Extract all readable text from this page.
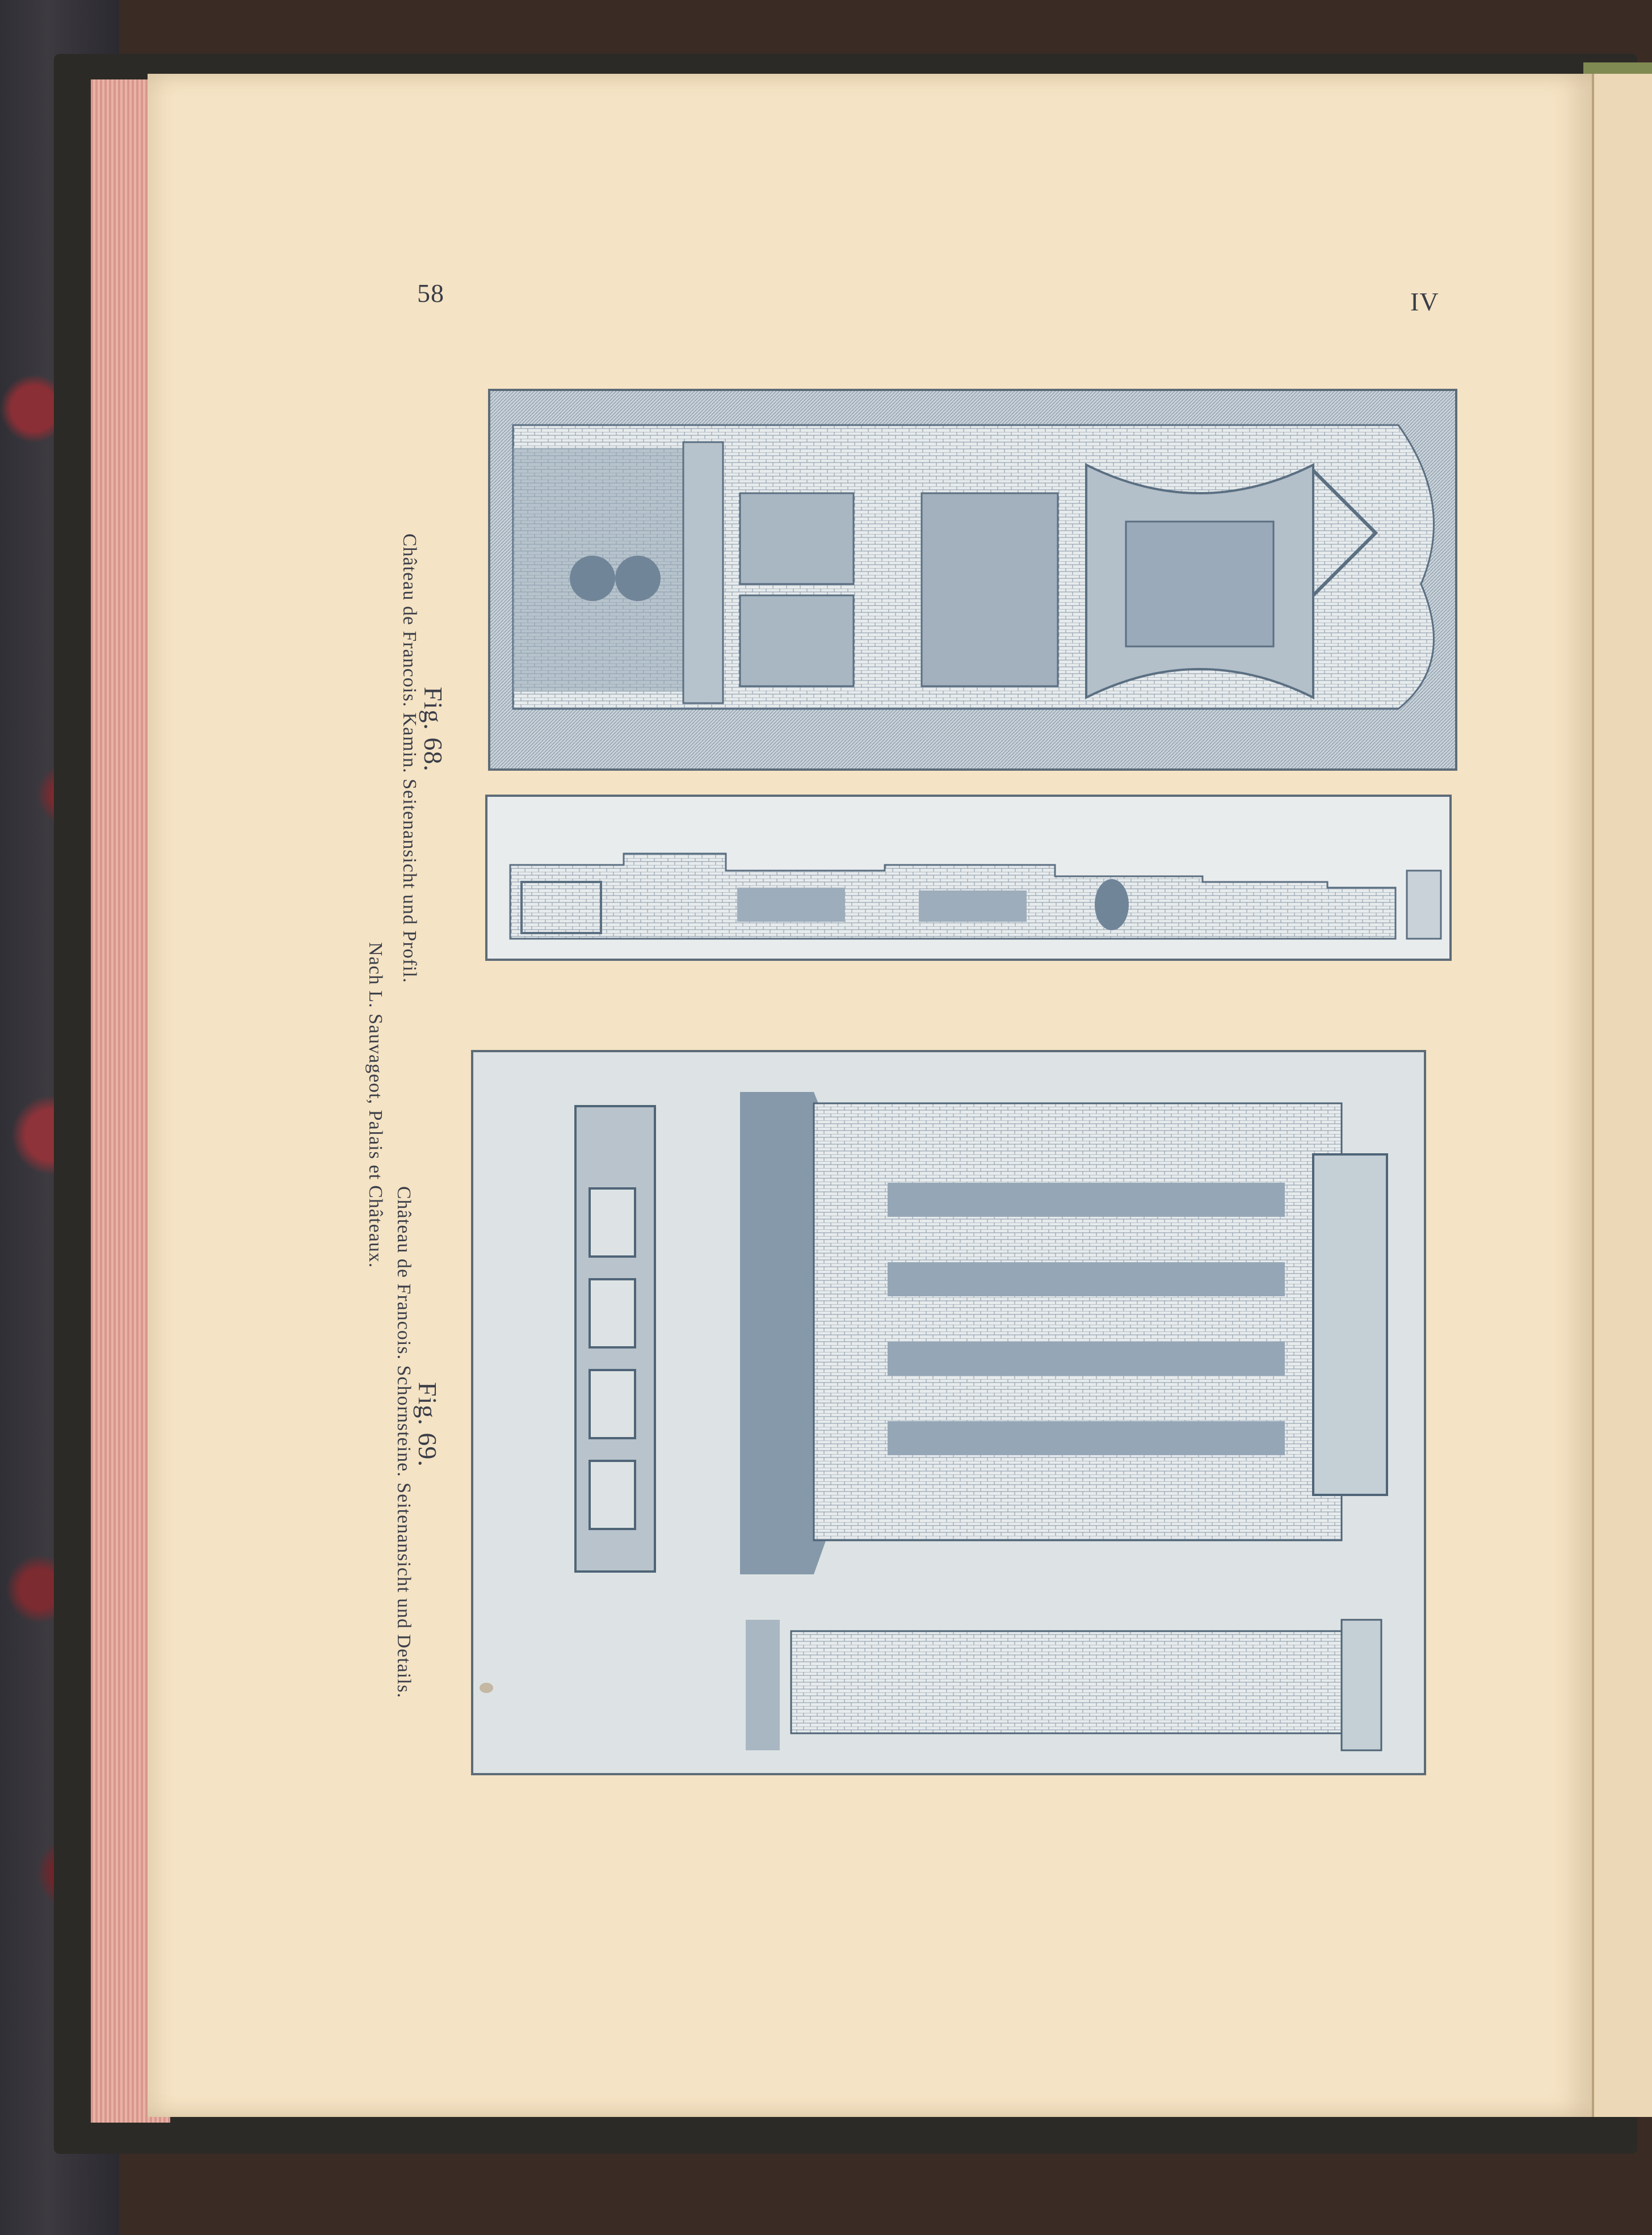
58	IV
Fig. 68.
Château de Francois. Kamin. Seitenansicht und Profil.
Fig. 69.
Château de Francois. Schornsteine. Seitenansicht und Details.
Nach L. Sauvageot, Palais et Châteaux.
